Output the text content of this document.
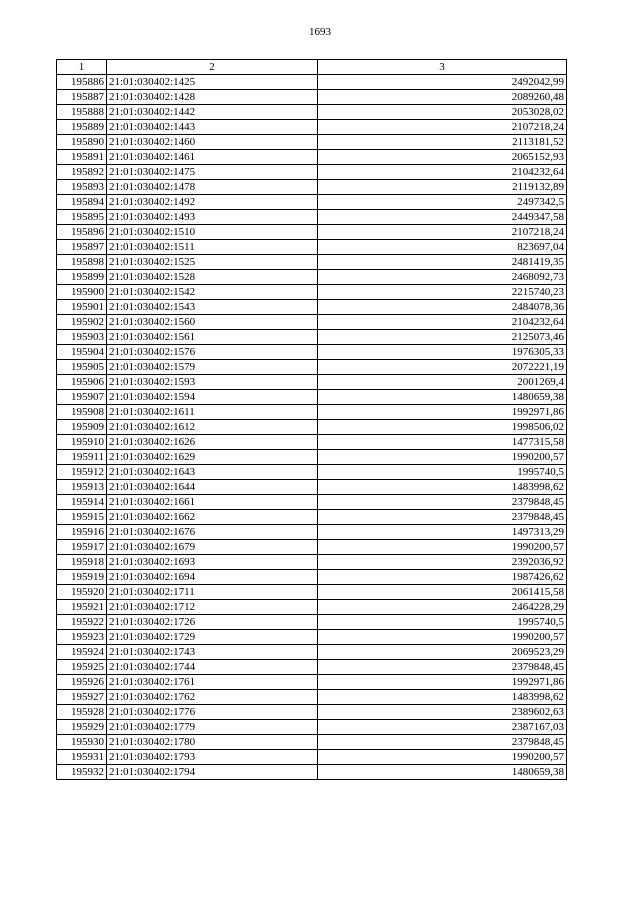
1693
1	2	3
195886	21:01:030402:1425	2492042,99
195887	21:01:030402:1428	2089260,48
195888	21:01:030402:1442	2053028,02
195889	21:01:030402:1443	2107218,24
195890	21:01:030402:1460	2113181,52
195891	21:01:030402:1461	2065152,93
195892	21:01:030402:1475	2104232,64
195893	21:01:030402:1478	2119132,89
195894	21:01:030402:1492	2497342,5
195895	21:01:030402:1493	2449347,58
195896	21:01:030402:1510	2107218,24
195897	21:01:030402:1511	823697,04
195898	21:01:030402:1525	2481419,35
195899	21:01:030402:1528	2468092,73
195900	21:01:030402:1542	2215740,23
195901	21:01:030402:1543	2484078,36
195902	21:01:030402:1560	2104232,64
195903	21:01:030402:1561	2125073,46
195904	21:01:030402:1576	1976305,33
195905	21:01:030402:1579	2072221,19
195906	21:01:030402:1593	2001269,4
195907	21:01:030402:1594	1480659,38
195908	21:01:030402:1611	1992971,86
195909	21:01:030402:1612	1998506,02
195910	21:01:030402:1626	1477315,58
195911	21:01:030402:1629	1990200,57
195912	21:01:030402:1643	1995740,5
195913	21:01:030402:1644	1483998,62
195914	21:01:030402:1661	2379848,45
195915	21:01:030402:1662	2379848,45
195916	21:01:030402:1676	1497313,29
195917	21:01:030402:1679	1990200,57
195918	21:01:030402:1693	2392036,92
195919	21:01:030402:1694	1987426,62
195920	21:01:030402:1711	2061415,58
195921	21:01:030402:1712	2464228,29
195922	21:01:030402:1726	1995740,5
195923	21:01:030402:1729	1990200,57
195924	21:01:030402:1743	2069523,29
195925	21:01:030402:1744	2379848,45
195926	21:01:030402:1761	1992971,86
195927	21:01:030402:1762	1483998,62
195928	21:01:030402:1776	2389602,63
195929	21:01:030402:1779	2387167,03
195930	21:01:030402:1780	2379848,45
195931	21:01:030402:1793	1990200,57
195932	21:01:030402:1794	1480659,38
